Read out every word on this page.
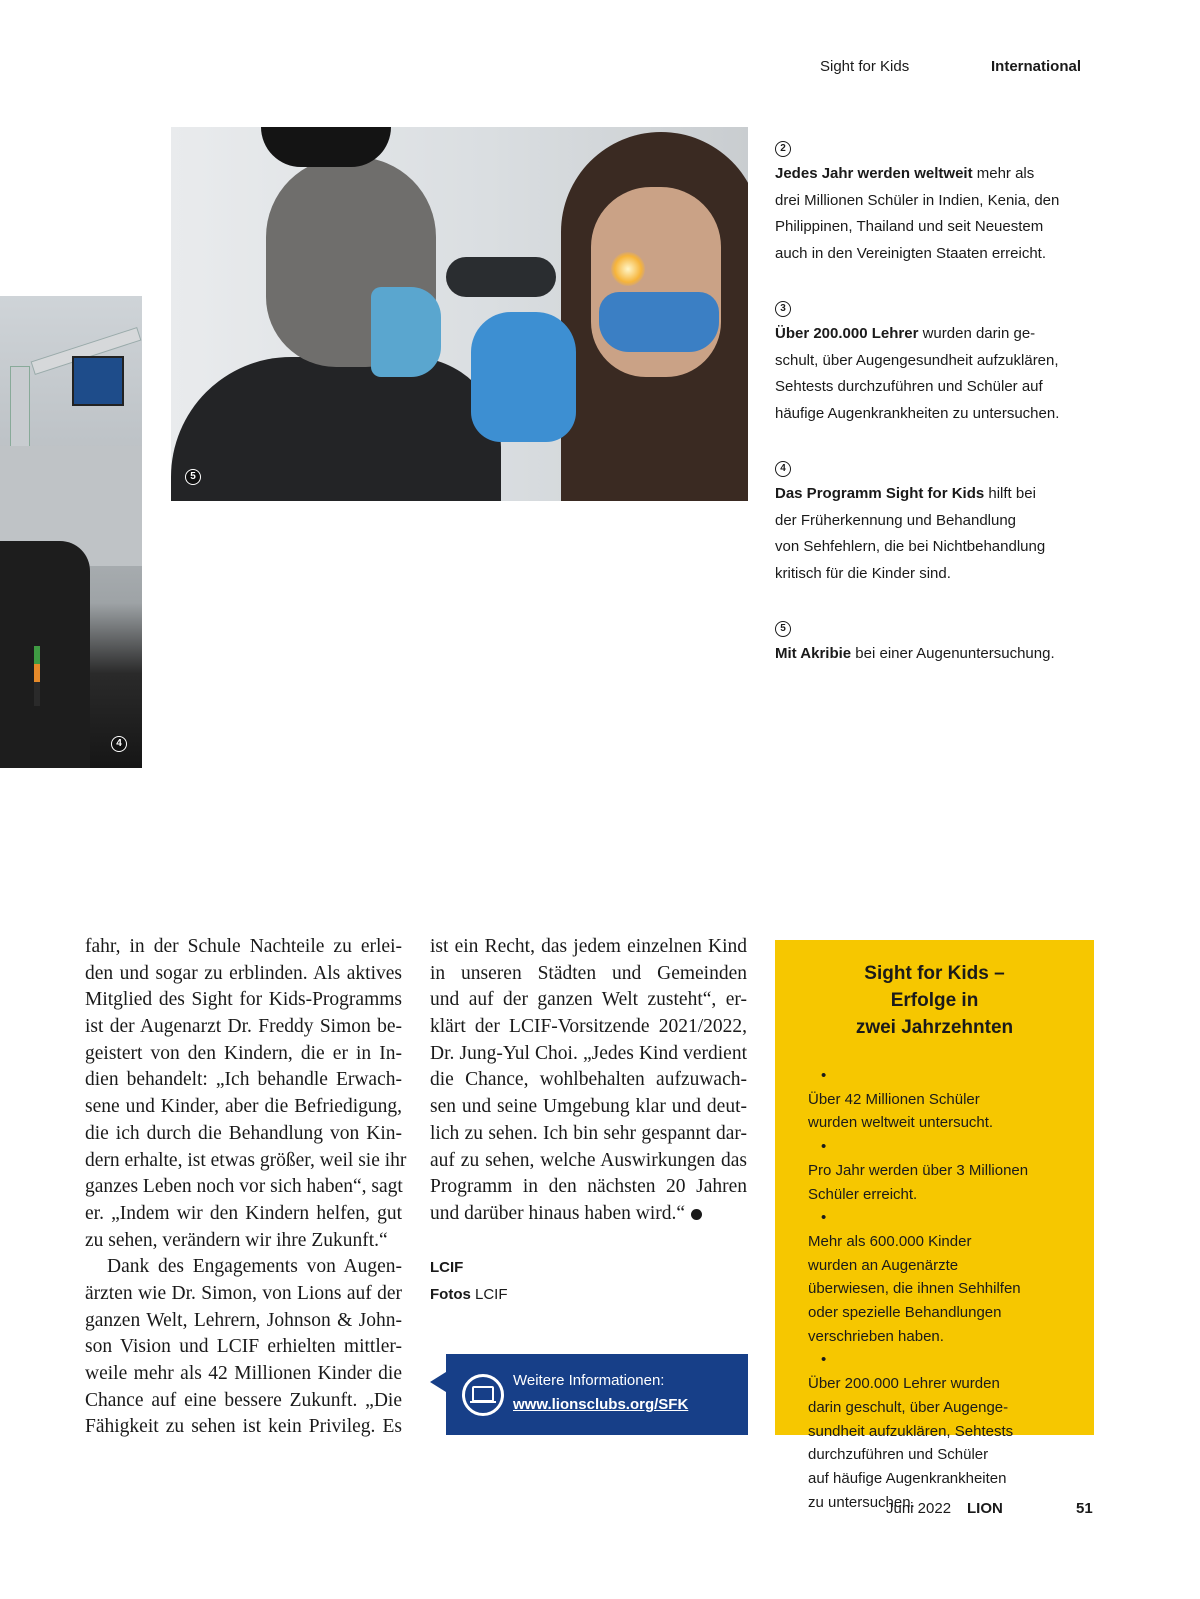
Sight for Kids	International
4
5
2
Jedes Jahr werden weltweit mehr als
drei Millionen Schüler in Indien, Kenia, den
Philippinen, Thailand und seit Neuestem
auch in den Vereinigten Staaten erreicht.
3
Über 200.000 Lehrer wurden darin ge-
schult, über Augengesundheit aufzuklären,
Sehtests durchzuführen und Schüler auf
häufige Augenkrankheiten zu untersuchen.
4
Das Programm Sight for Kids hilft bei
der Früherkennung und Behandlung
von Sehfehlern, die bei Nichtbehandlung
kritisch für die Kinder sind.
5
Mit Akribie bei einer Augenuntersuchung.
fahr, in der Schule Nachteile zu erlei-
den und sogar zu erblinden. Als aktives
Mitglied des Sight for Kids-Programms
ist der Augenarzt Dr. Freddy Simon be-
geistert von den Kindern, die er in In-
dien behandelt: „Ich behandle Erwach-
sene und Kinder, aber die Befriedigung,
die ich durch die Behandlung von Kin-
dern erhalte, ist etwas größer, weil sie ihr
ganzes Leben noch vor sich haben“, sagt
er. „Indem wir den Kindern helfen, gut
zu sehen, verändern wir ihre Zukunft.“
Dank des Engagements von Augen-
ärzten wie Dr. Simon, von Lions auf der
ganzen Welt, Lehrern, Johnson & John-
son Vision und LCIF erhielten mittler-
weile mehr als 42 Millionen Kinder die
Chance auf eine bessere Zukunft. „Die
Fähigkeit zu sehen ist kein Privileg. Es
ist ein Recht, das jedem einzelnen Kind
in unseren Städten und Gemeinden
und auf der ganzen Welt zusteht“, er-
klärt der LCIF-Vorsitzende 2021/2022,
Dr. Jung-Yul Choi. „Jedes Kind verdient
die Chance, wohlbehalten aufzuwach-
sen und seine Umgebung klar und deut-
lich zu sehen. Ich bin sehr gespannt dar-
auf zu sehen, welche Auswirkungen das
Programm in den nächsten 20 Jahren
und darüber hinaus haben wird.“
LCIF
Fotos LCIF
Weitere Informationen:
www.lionsclubs.org/SFK
Sight for Kids –
Erfolge in
zwei Jahrzehnten
•
Über 42 Millionen Schüler
wurden weltweit untersucht.
•
Pro Jahr werden über 3 Millionen
Schüler erreicht.
•
Mehr als 600.000 Kinder
wurden an Augenärzte
überwiesen, die ihnen Sehhilfen
oder spezielle Behandlungen
verschrieben haben.
•
Über 200.000 Lehrer wurden
darin geschult, über Augenge-
sundheit aufzuklären, Sehtests
durchzuführen und Schüler
auf häufige Augenkrankheiten
zu untersuchen.
Juni 2022 LION	51
